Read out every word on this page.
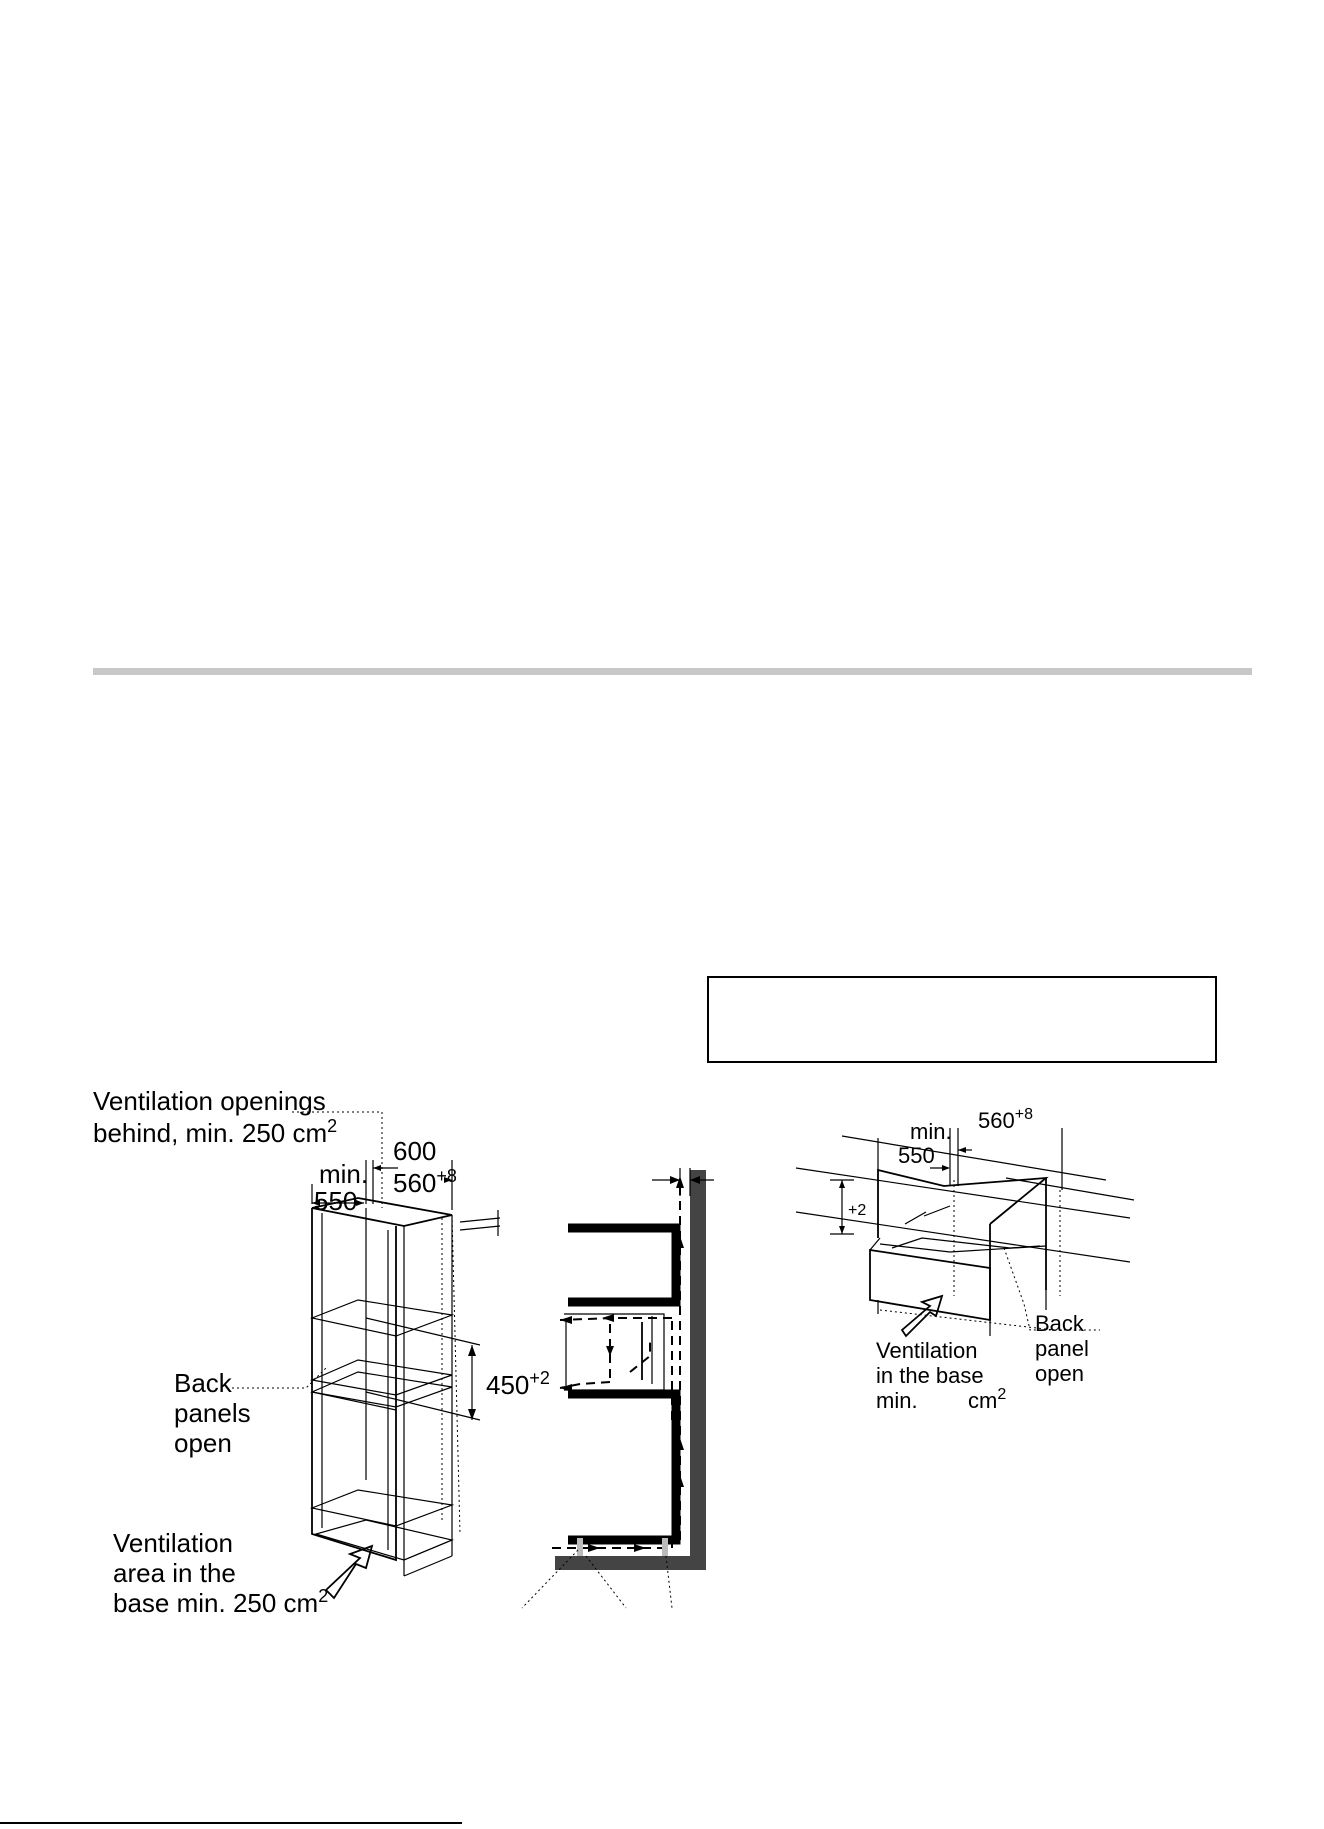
Ventilation openings
behind, min. 250 $cm^2$
600
min.
550
$560^{+8}$
$450^{+2}$
Back
panels
open
Ventilation
area in the
base min. 250 $cm^2$
min.
550
$560^{+8}$
+2
Back
panel
open
Ventilation
in the base
min. $cm^2$
